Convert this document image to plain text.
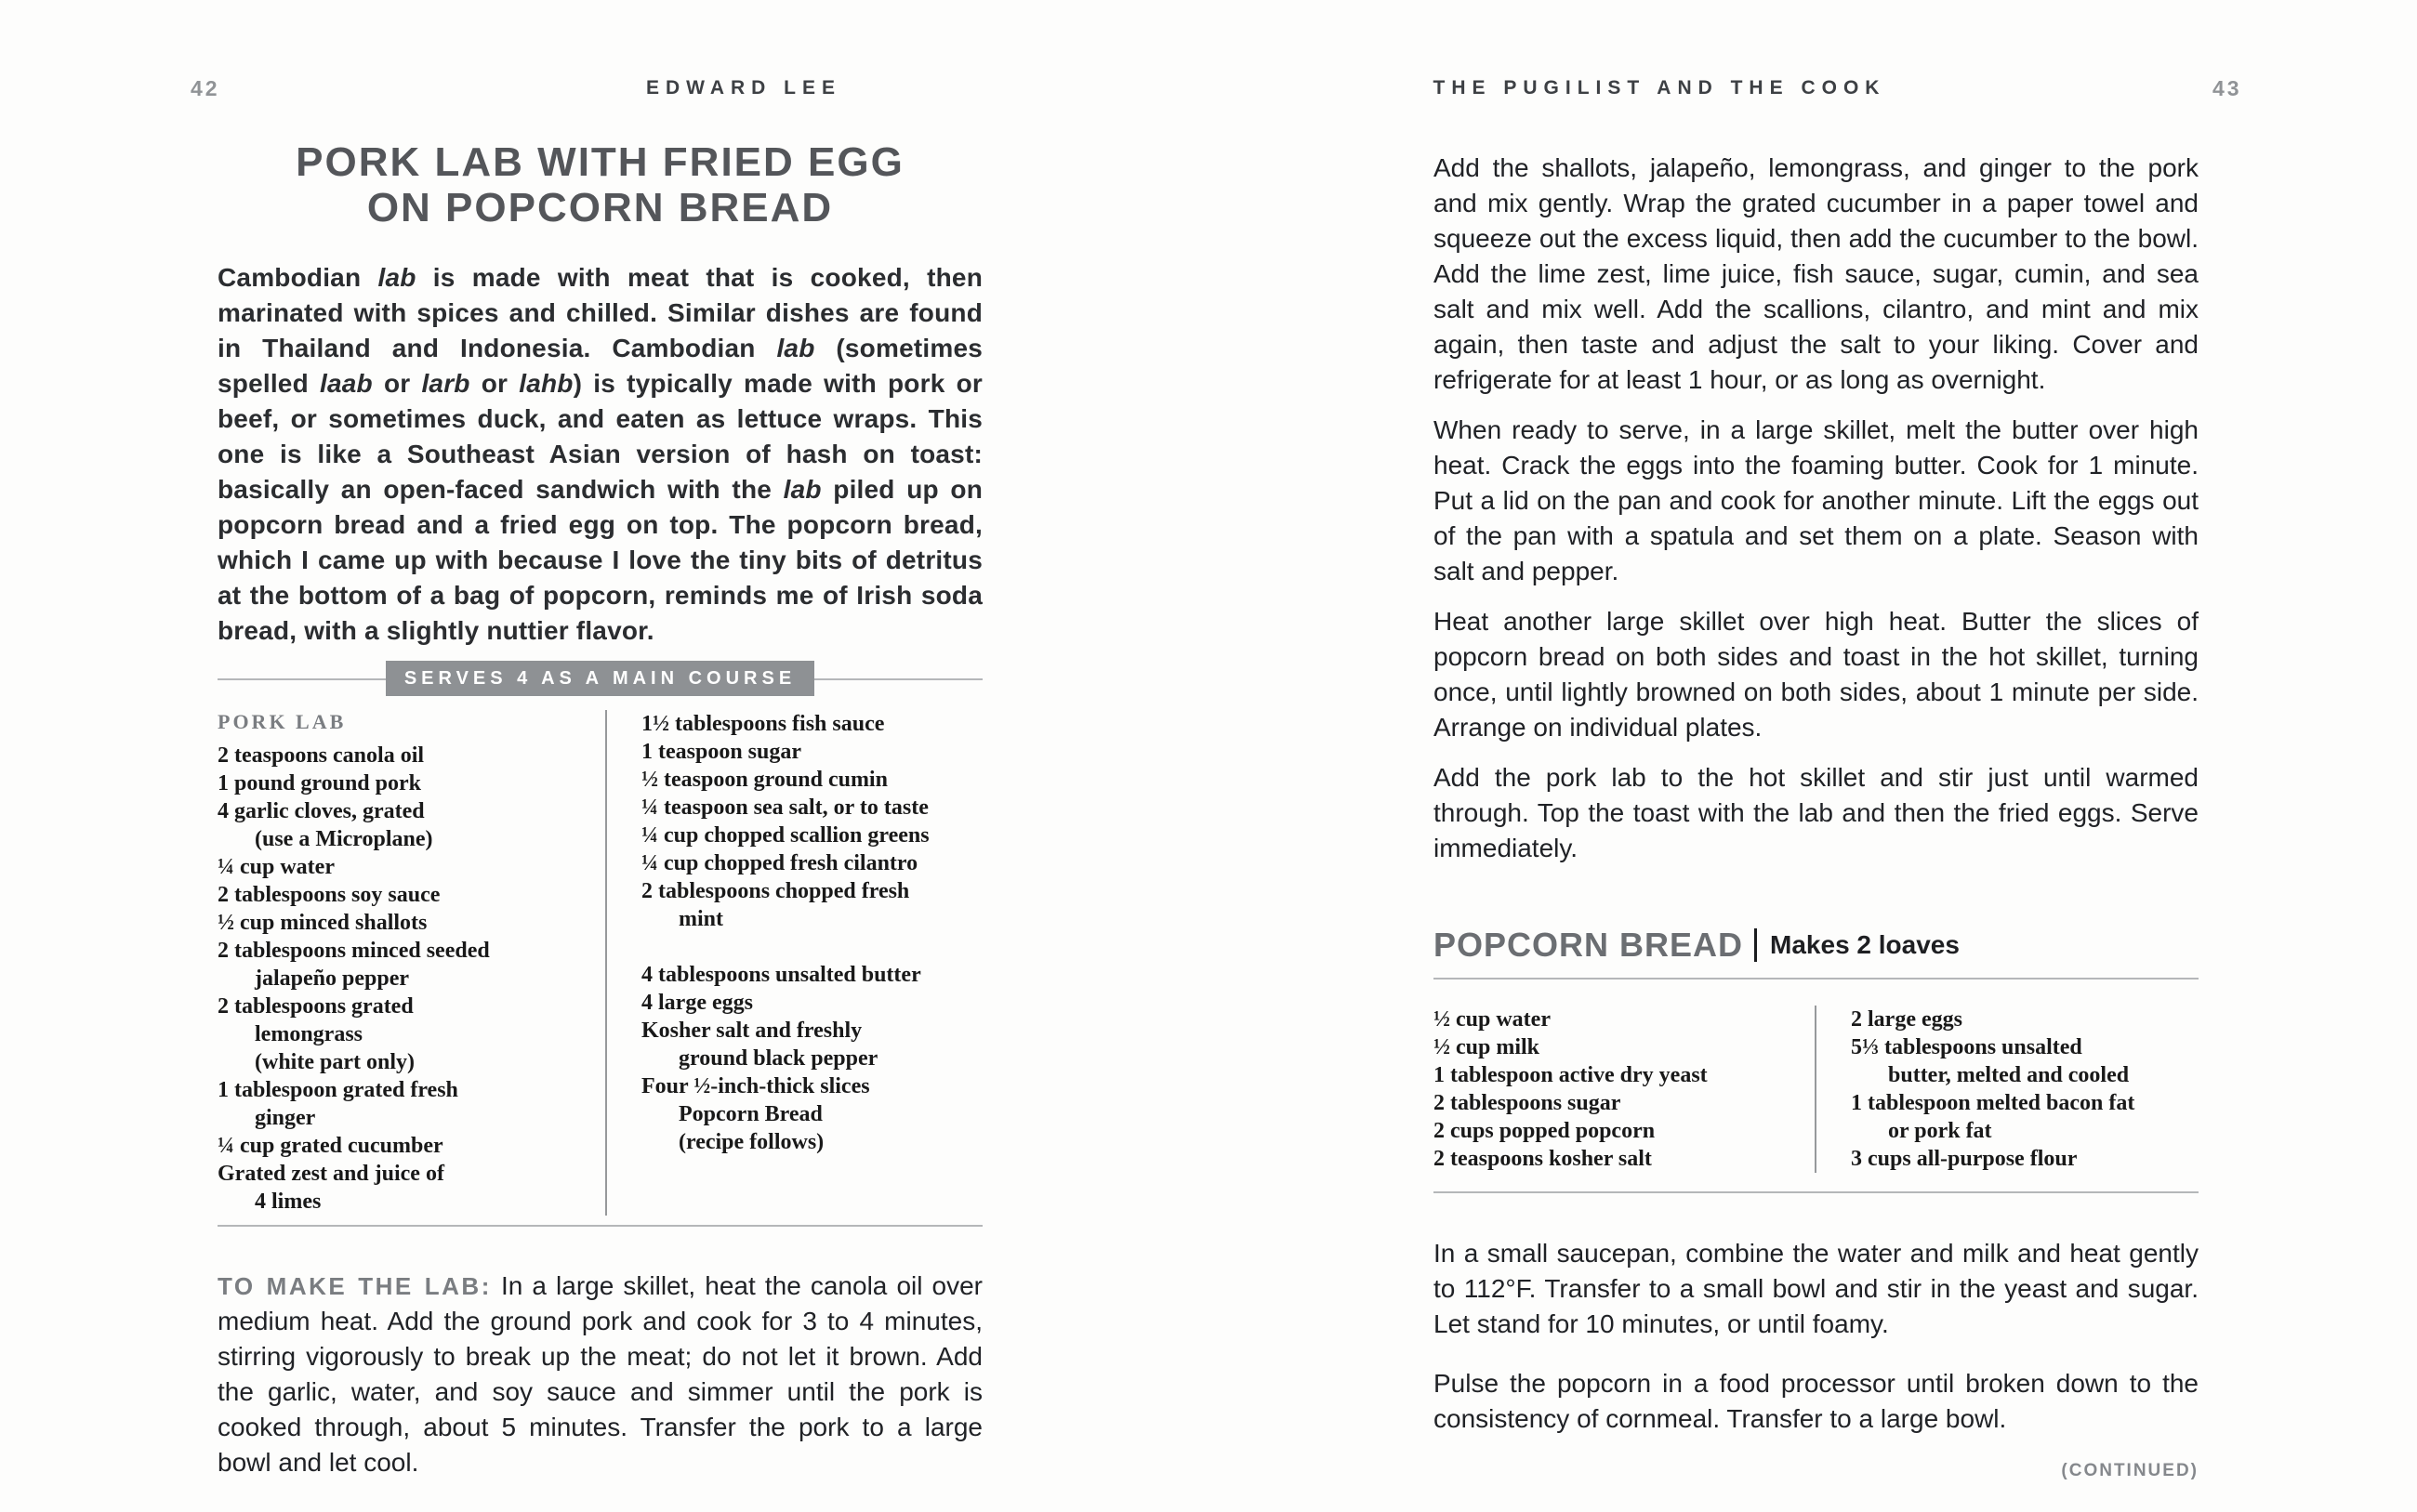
42	EDWARD LEE	THE PUGILIST AND THE COOK	43
PORK LAB WITH FRIED EGG
ON POPCORN BREAD
Cambodian lab is made with meat that is cooked, then marinated with spices and chilled. Similar dishes are found in Thailand and Indonesia. Cambodian lab (sometimes spelled laab or larb or lahb) is typically made with pork or beef, or sometimes duck, and eaten as lettuce wraps. This one is like a Southeast Asian version of hash on toast: basically an open-faced sandwich with the lab piled up on popcorn bread and a fried egg on top. The popcorn bread, which I came up with because I love the tiny bits of detritus at the bottom of a bag of popcorn, reminds me of Irish soda bread, with a slightly nuttier flavor.
SERVES 4 AS A MAIN COURSE
PORK LAB
2 teaspoons canola oil
1 pound ground pork
4 garlic cloves, grated
(use a Microplane)
¼ cup water
2 tablespoons soy sauce
½ cup minced shallots
2 tablespoons minced seeded
jalapeño pepper
2 tablespoons grated
lemongrass
(white part only)
1 tablespoon grated fresh
ginger
¼ cup grated cucumber
Grated zest and juice of
4 limes
1½ tablespoons fish sauce
1 teaspoon sugar
½ teaspoon ground cumin
¼ teaspoon sea salt, or to taste
¼ cup chopped scallion greens
¼ cup chopped fresh cilantro
2 tablespoons chopped fresh
mint
4 tablespoons unsalted butter
4 large eggs
Kosher salt and freshly
ground black pepper
Four ½-inch-thick slices
Popcorn Bread
(recipe follows)

TO MAKE THE LAB: In a large skillet, heat the canola oil over medium heat. Add the ground pork and cook for 3 to 4 minutes, stirring vigorously to break up the meat; do not let it brown. Add the garlic, water, and soy sauce and simmer until the pork is cooked through, about 5 minutes. Transfer the pork to a large bowl and let cool.

Add the shallots, jalapeño, lemongrass, and ginger to the pork and mix gently. Wrap the grated cucumber in a paper towel and squeeze out the excess liquid, then add the cucumber to the bowl. Add the lime zest, lime juice, fish sauce, sugar, cumin, and sea salt and mix well. Add the scallions, cilantro, and mint and mix again, then taste and adjust the salt to your liking. Cover and refrigerate for at least 1 hour, or as long as overnight.

When ready to serve, in a large skillet, melt the butter over high heat. Crack the eggs into the foaming butter. Cook for 1 minute. Put a lid on the pan and cook for another minute. Lift the eggs out of the pan with a spatula and set them on a plate. Season with salt and pepper.

Heat another large skillet over high heat. Butter the slices of popcorn bread on both sides and toast in the hot skillet, turning once, until lightly browned on both sides, about 1 minute per side. Arrange on individual plates.

Add the pork lab to the hot skillet and stir just until warmed through. Top the toast with the lab and then the fried eggs. Serve immediately.

POPCORN BREAD Makes 2 loaves
½ cup water
½ cup milk
1 tablespoon active dry yeast
2 tablespoons sugar
2 cups popped popcorn
2 teaspoons kosher salt
2 large eggs
5⅓ tablespoons unsalted
butter, melted and cooled
1 tablespoon melted bacon fat
or pork fat
3 cups all-purpose flour

In a small saucepan, combine the water and milk and heat gently to 112°F. Transfer to a small bowl and stir in the yeast and sugar. Let stand for 10 minutes, or until foamy.

Pulse the popcorn in a food processor until broken down to the consistency of cornmeal. Transfer to a large bowl.

(CONTINUED)
